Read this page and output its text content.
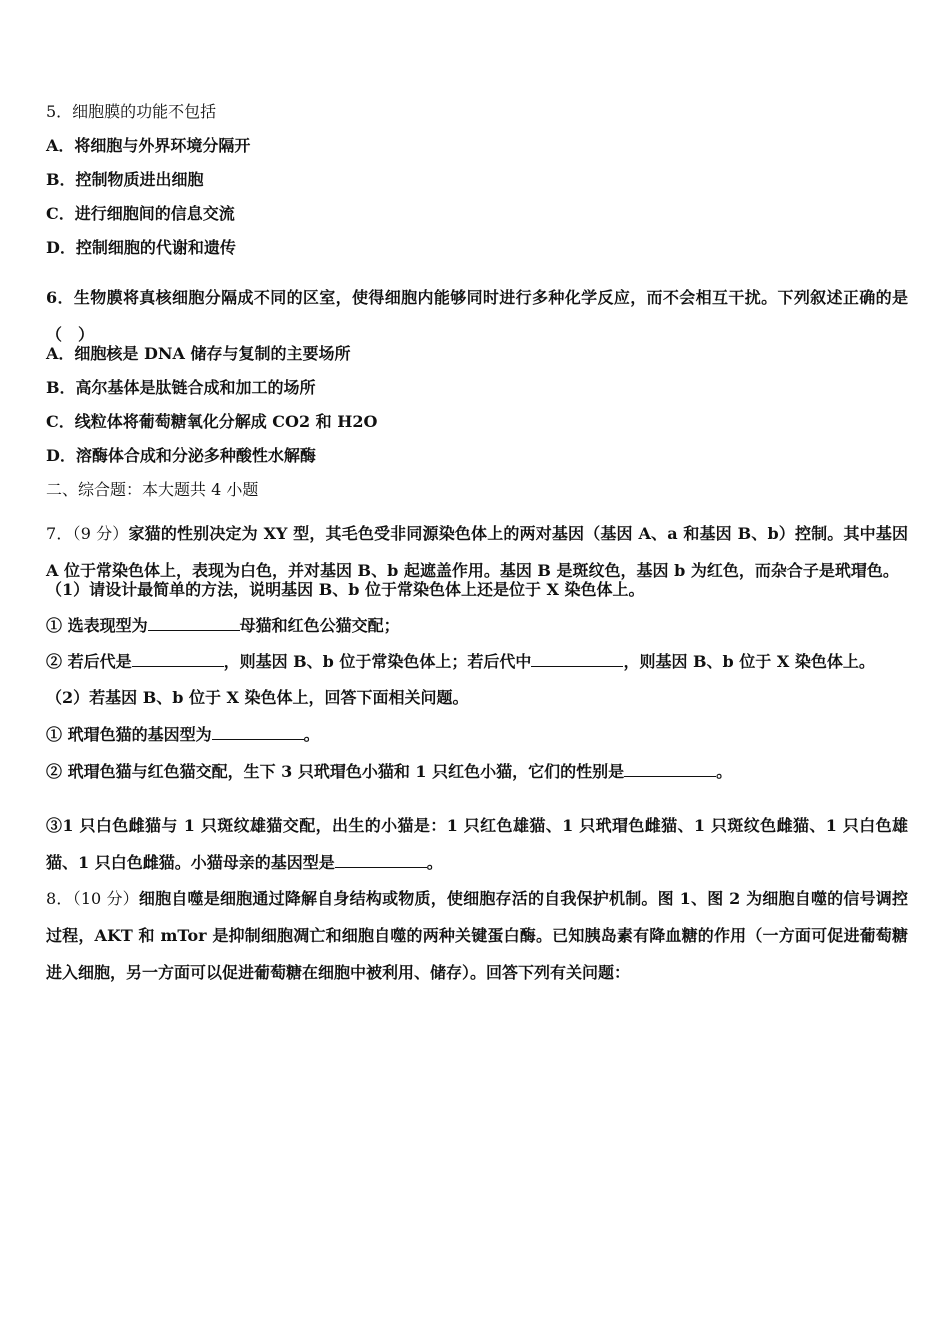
5．细胞膜的功能不包括

A．将细胞与外界环境分隔开

B．控制物质进出细胞

C．进行细胞间的信息交流

D．控制细胞的代谢和遗传

6．生物膜将真核细胞分隔成不同的区室，使得细胞内能够同时进行多种化学反应，而不会相互干扰。下列叙述正确的是（　）

A．细胞核是 DNA 储存与复制的主要场所

B．高尔基体是肽链合成和加工的场所

C．线粒体将葡萄糖氧化分解成 CO2 和 H2O

D．溶酶体合成和分泌多种酸性水解酶

二、综合题：本大题共 4 小题

7．（9 分）家猫的性别决定为 XY 型，其毛色受非同源染色体上的两对基因（基因 A、a 和基因 B、b）控制。其中基因 A 位于常染色体上，表现为白色，并对基因 B、b 起遮盖作用。基因 B 是斑纹色，基因 b 为红色，而杂合子是玳瑁色。

（1）请设计最简单的方法，说明基因 B、b 位于常染色体上还是位于 X 染色体上。

① 选表现型为	母猫和红色公猫交配；

② 若后代是	，则基因 B、b 位于常染色体上；若后代中	，则基因 B、b 位于 X 染色体上。

（2）若基因 B、b 位于 X 染色体上，回答下面相关问题。

① 玳瑁色猫的基因型为	。

② 玳瑁色猫与红色猫交配，生下 3 只玳瑁色小猫和 1 只红色小猫，它们的性别是	。

③1 只白色雌猫与 1 只斑纹雄猫交配，出生的小猫是：1 只红色雄猫、1 只玳瑁色雌猫、1 只斑纹色雌猫、1 只白色雄猫、1 只白色雌猫。小猫母亲的基因型是	。

8．（10 分）细胞自噬是细胞通过降解自身结构或物质，使细胞存活的自我保护机制。图 1、图 2 为细胞自噬的信号调控过程，AKT 和 mTor 是抑制细胞凋亡和细胞自噬的两种关键蛋白酶。已知胰岛素有降血糖的作用（一方面可促进葡萄糖进入细胞，另一方面可以促进葡萄糖在细胞中被利用、储存）。回答下列有关问题：
